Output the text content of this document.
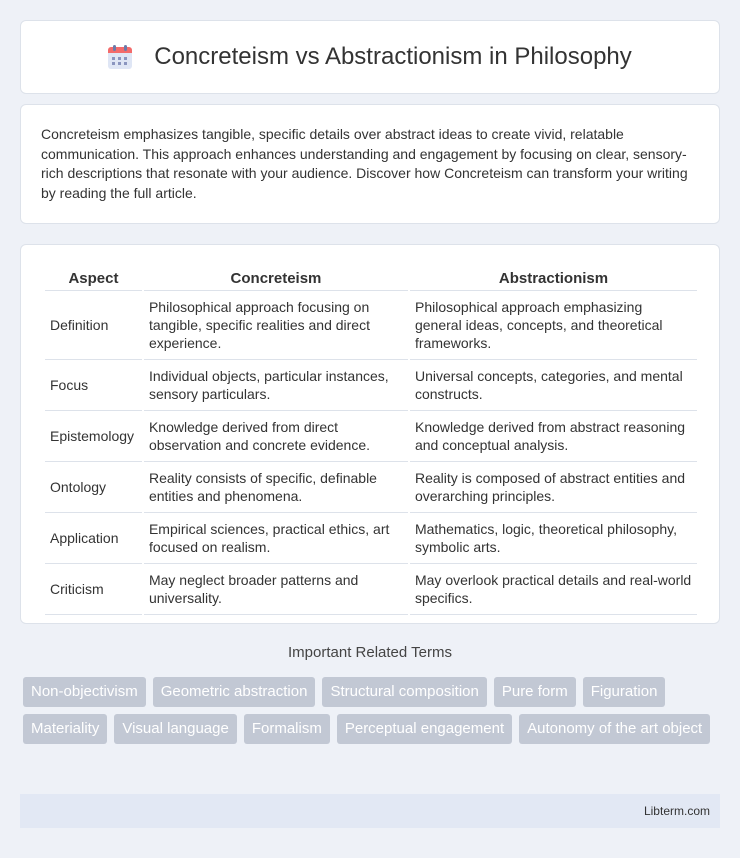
Concreteism vs Abstractionism in Philosophy

Concreteism emphasizes tangible, specific details over abstract ideas to create vivid, relatable communication. This approach enhances understanding and engagement by focusing on clear, sensory-rich descriptions that resonate with your audience. Discover how Concreteism can transform your writing by reading the full article.

Aspect	Concreteism	Abstractionism
Definition	Philosophical approach focusing on tangible, specific realities and direct experience.	Philosophical approach emphasizing general ideas, concepts, and theoretical frameworks.
Focus	Individual objects, particular instances, sensory particulars.	Universal concepts, categories, and mental constructs.
Epistemology	Knowledge derived from direct observation and concrete evidence.	Knowledge derived from abstract reasoning and conceptual analysis.
Ontology	Reality consists of specific, definable entities and phenomena.	Reality is composed of abstract entities and overarching principles.
Application	Empirical sciences, practical ethics, art focused on realism.	Mathematics, logic, theoretical philosophy, symbolic arts.
Criticism	May neglect broader patterns and universality.	May overlook practical details and real-world specifics.
Important Related Terms
Non-objectivism	Geometric abstraction	Structural composition	Pure form	Figuration
Materiality	Visual language	Formalism	Perceptual engagement	Autonomy of the art object
Libterm.com
